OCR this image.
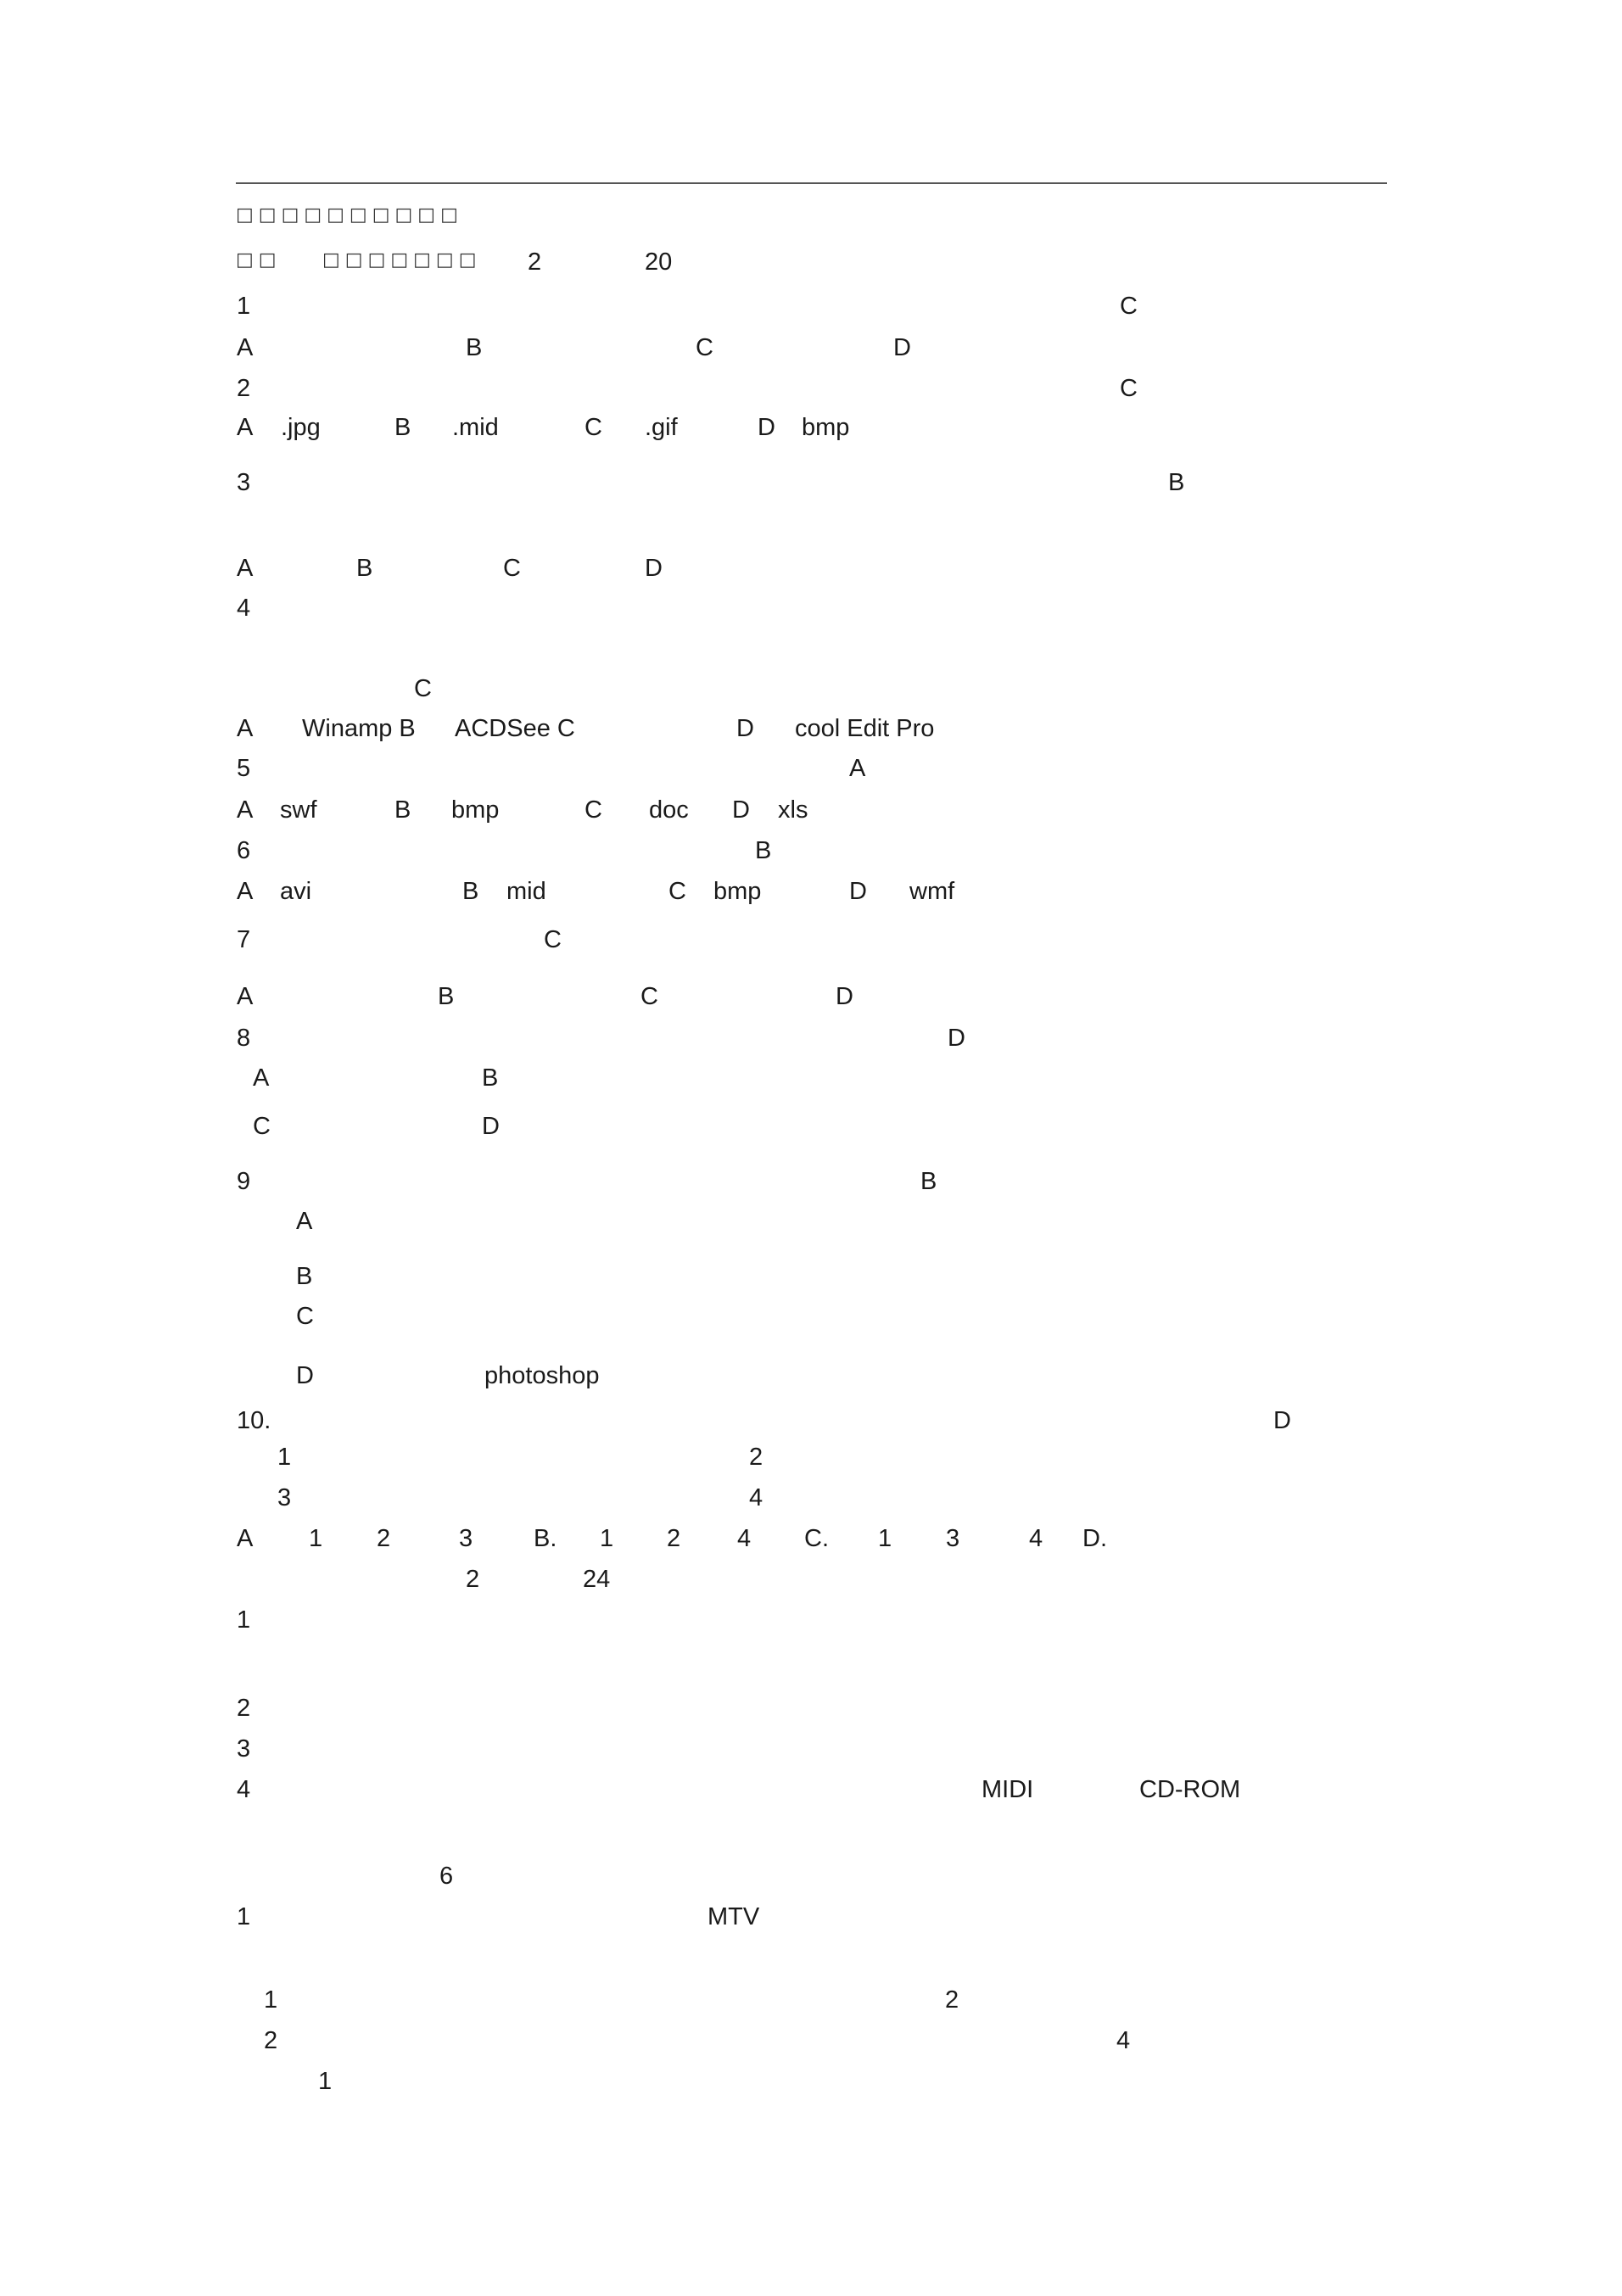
□□□□□□□□□□
□□ □□□□□□□ 2	20
1	C
A	B	C	D
2	C
A .jpg	B .mid	C .gif	D bmp
3	B
A	B	C	D
4
C
A Winamp B ACDSee C	D cool Edit Pro
5	A
A swf	B bmp	C doc D xls
6	B
A avi	B mid	C bmp	D wmf
7	C
A	B	C	D
8	D
A	B
C	D
9	B
A
B
C
D	photoshop
10.	D
1	2
3	4
A 1 2	3 B. 1 2 4 C. 1 3	4 D.
2	24
1
2
3
4	MIDI	CD-ROM
6
1	MTV
1	2
2	4
1
